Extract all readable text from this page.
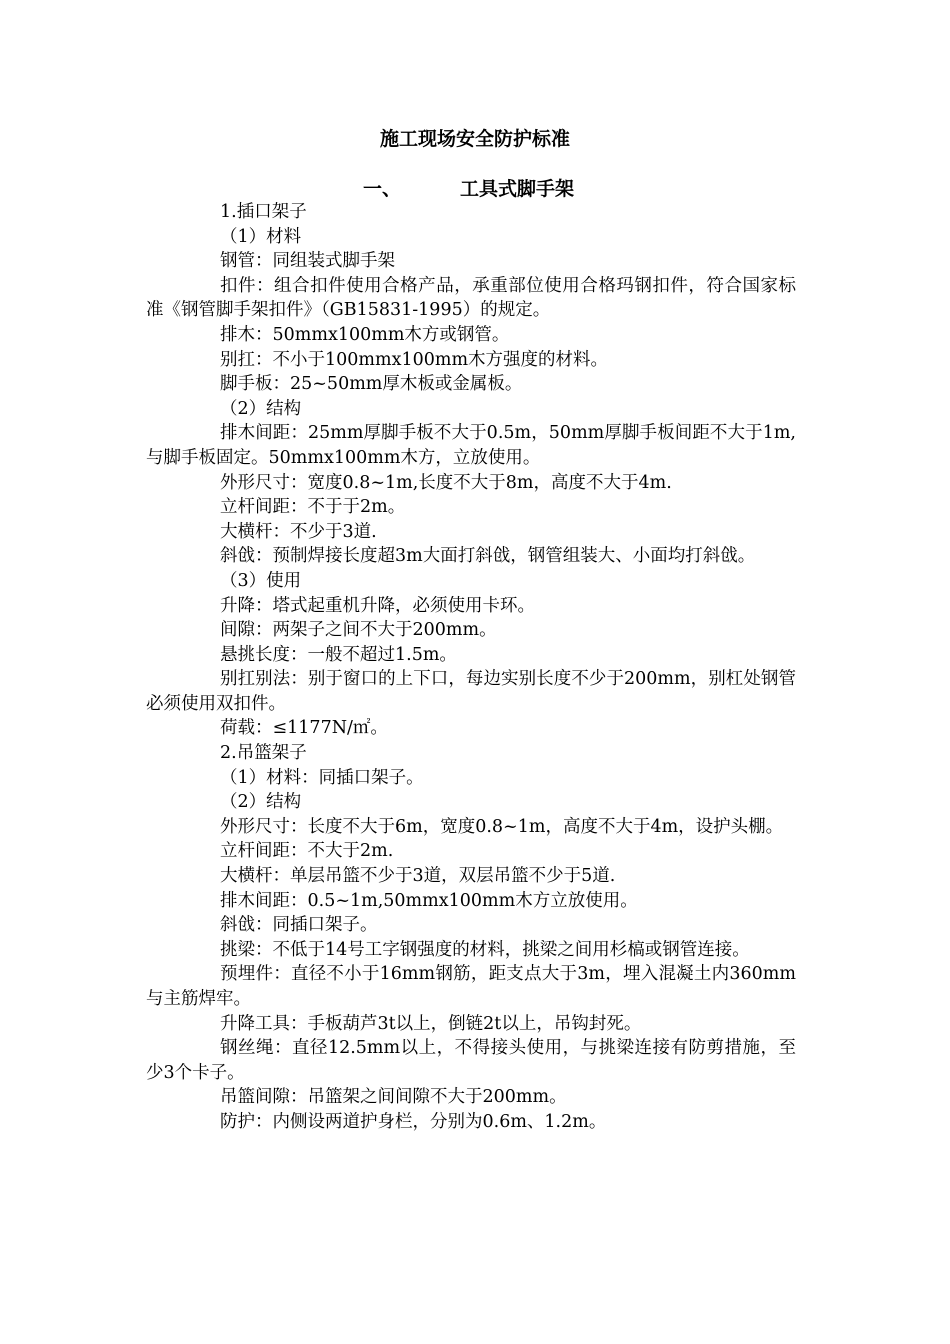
施工现场安全防护标准
一、	工具式脚手架

1.插口架子

（1）材料

钢管：同组装式脚手架

扣件：组合扣件使用合格产品，承重部位使用合格玛钢扣件，符合国家标准《钢管脚手架扣件》（GB15831-1995）的规定。

排木：50mmx100mm木方或钢管。

别扛：不小于100mmx100mm木方强度的材料。

脚手板：25~50mm厚木板或金属板。

（2）结构

排木间距：25mm厚脚手板不大于0.5m，50mm厚脚手板间距不大于1m,与脚手板固定。50mmx100mm木方，立放使用。

外形尺寸：宽度0.8~1m,长度不大于8m，高度不大于4m.

立杆间距：不于于2m。

大横杆：不少于3道.

斜戗：预制焊接长度超3m大面打斜戗，钢管组装大、小面均打斜戗。

（3）使用

升降：塔式起重机升降，必须使用卡环。

间隙：两架子之间不大于200mm。

悬挑长度：一般不超过1.5m。

别扛别法：别于窗口的上下口，每边实别长度不少于200mm，别杠处钢管必须使用双扣件。

荷载：≤1177N/㎡。

2.吊篮架子

（1）材料：同插口架子。

（2）结构

外形尺寸：长度不大于6m，宽度0.8~1m，高度不大于4m，设护头棚。

立杆间距：不大于2m.

大横杆：单层吊篮不少于3道，双层吊篮不少于5道.

排木间距：0.5~1m,50mmx100mm木方立放使用。

斜戗：同插口架子。

挑梁：不低于14号工字钢强度的材料，挑梁之间用杉槁或钢管连接。

预埋件：直径不小于16mm钢筋，距支点大于3m，埋入混凝土内360mm与主筋焊牢。

升降工具：手板葫芦3t以上，倒链2t以上，吊钩封死。

钢丝绳：直径12.5mm以上，不得接头使用，与挑梁连接有防剪措施，至少3个卡子。

吊篮间隙：吊篮架之间间隙不大于200mm。

防护：内侧设两道护身栏，分别为0.6m、1.2m。
